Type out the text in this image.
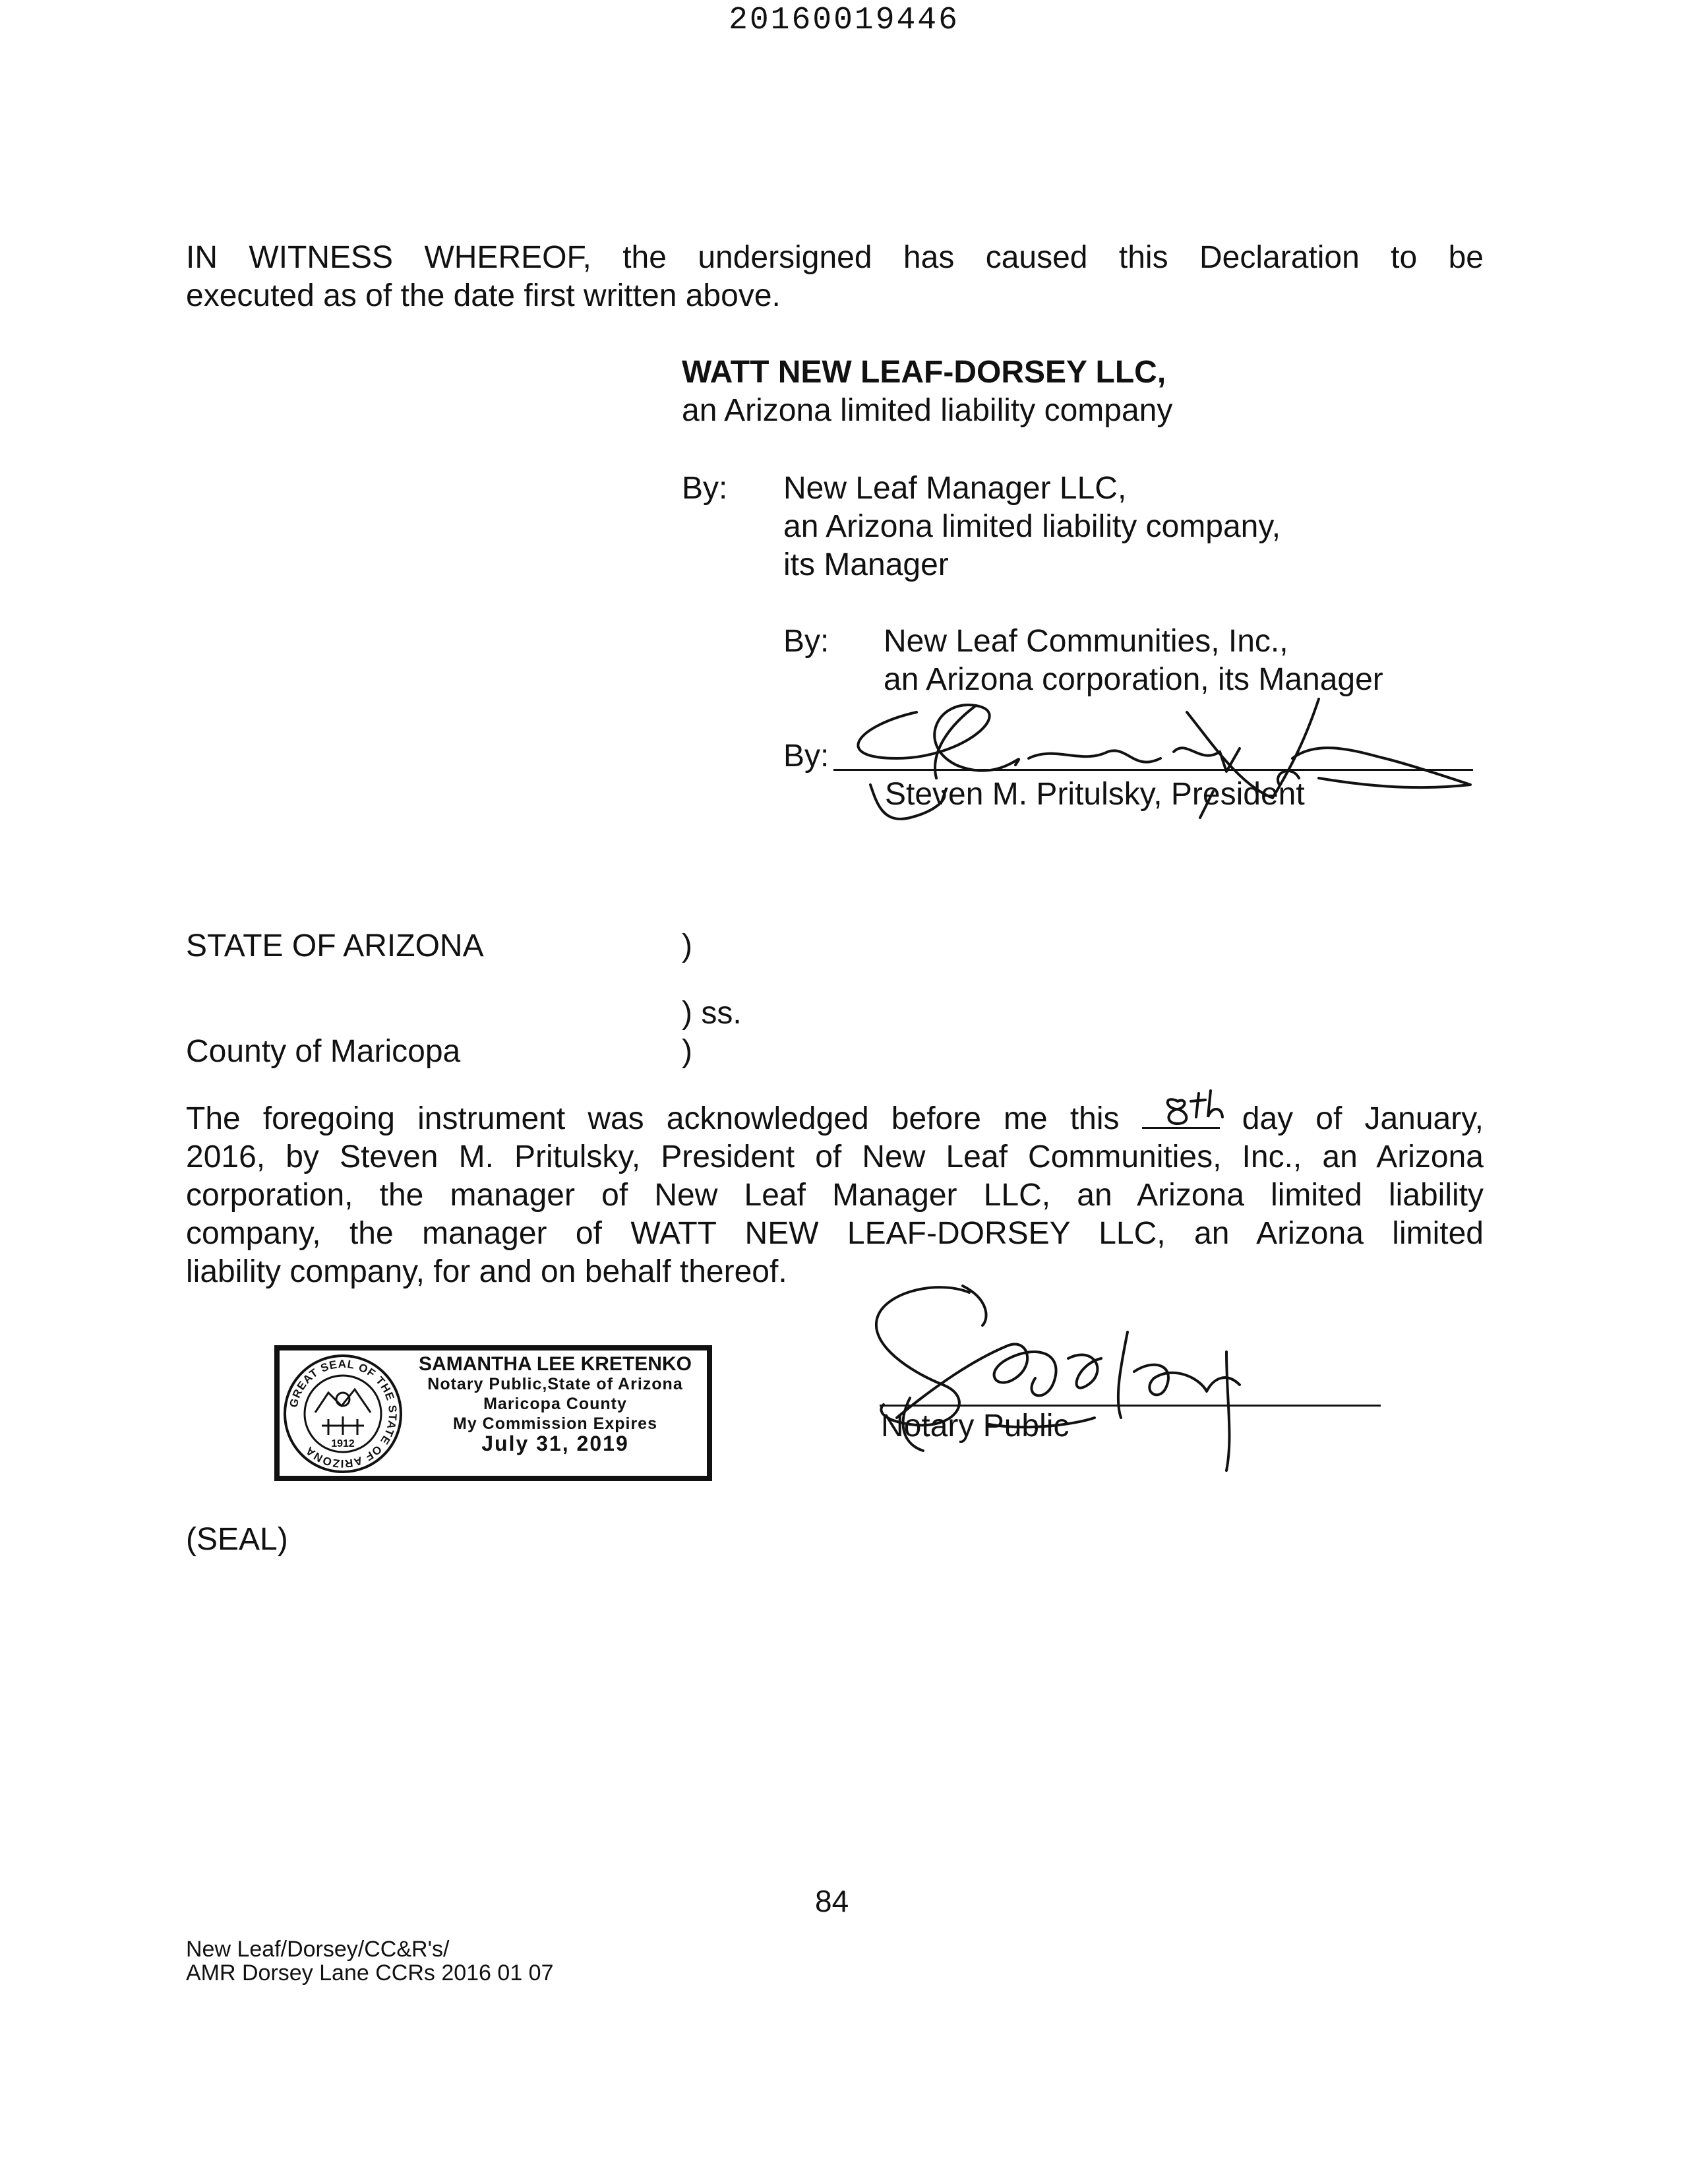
20160019446
IN WITNESS WHEREOF, the undersigned has caused this Declaration to be
executed as of the date first written above.
WATT NEW LEAF-DORSEY LLC,
an Arizona limited liability company
By: New Leaf Manager LLC,
an Arizona limited liability company,
its Manager
By: New Leaf Communities, Inc.,
an Arizona corporation, its Manager
By:
Steven M. Pritulsky, President
STATE OF ARIZONA	)
) ss.
County of Maricopa	)
The foregoing instrument was acknowledged before me this	day of January,
2016, by Steven M. Pritulsky, President of New Leaf Communities, Inc., an Arizona
corporation, the manager of New Leaf Manager LLC, an Arizona limited liability
company, the manager of WATT NEW LEAF-DORSEY LLC, an Arizona limited
liability company, for and on behalf thereof.
Notary Public
GREAT SEAL OF THE STATE OF ARIZONA
1912
SAMANTHA LEE KRETENKO
Notary Public,State of Arizona
Maricopa County
My Commission Expires
July 31, 2019
(SEAL)
84
New Leaf/Dorsey/CC&R's/
AMR Dorsey Lane CCRs 2016 01 07
